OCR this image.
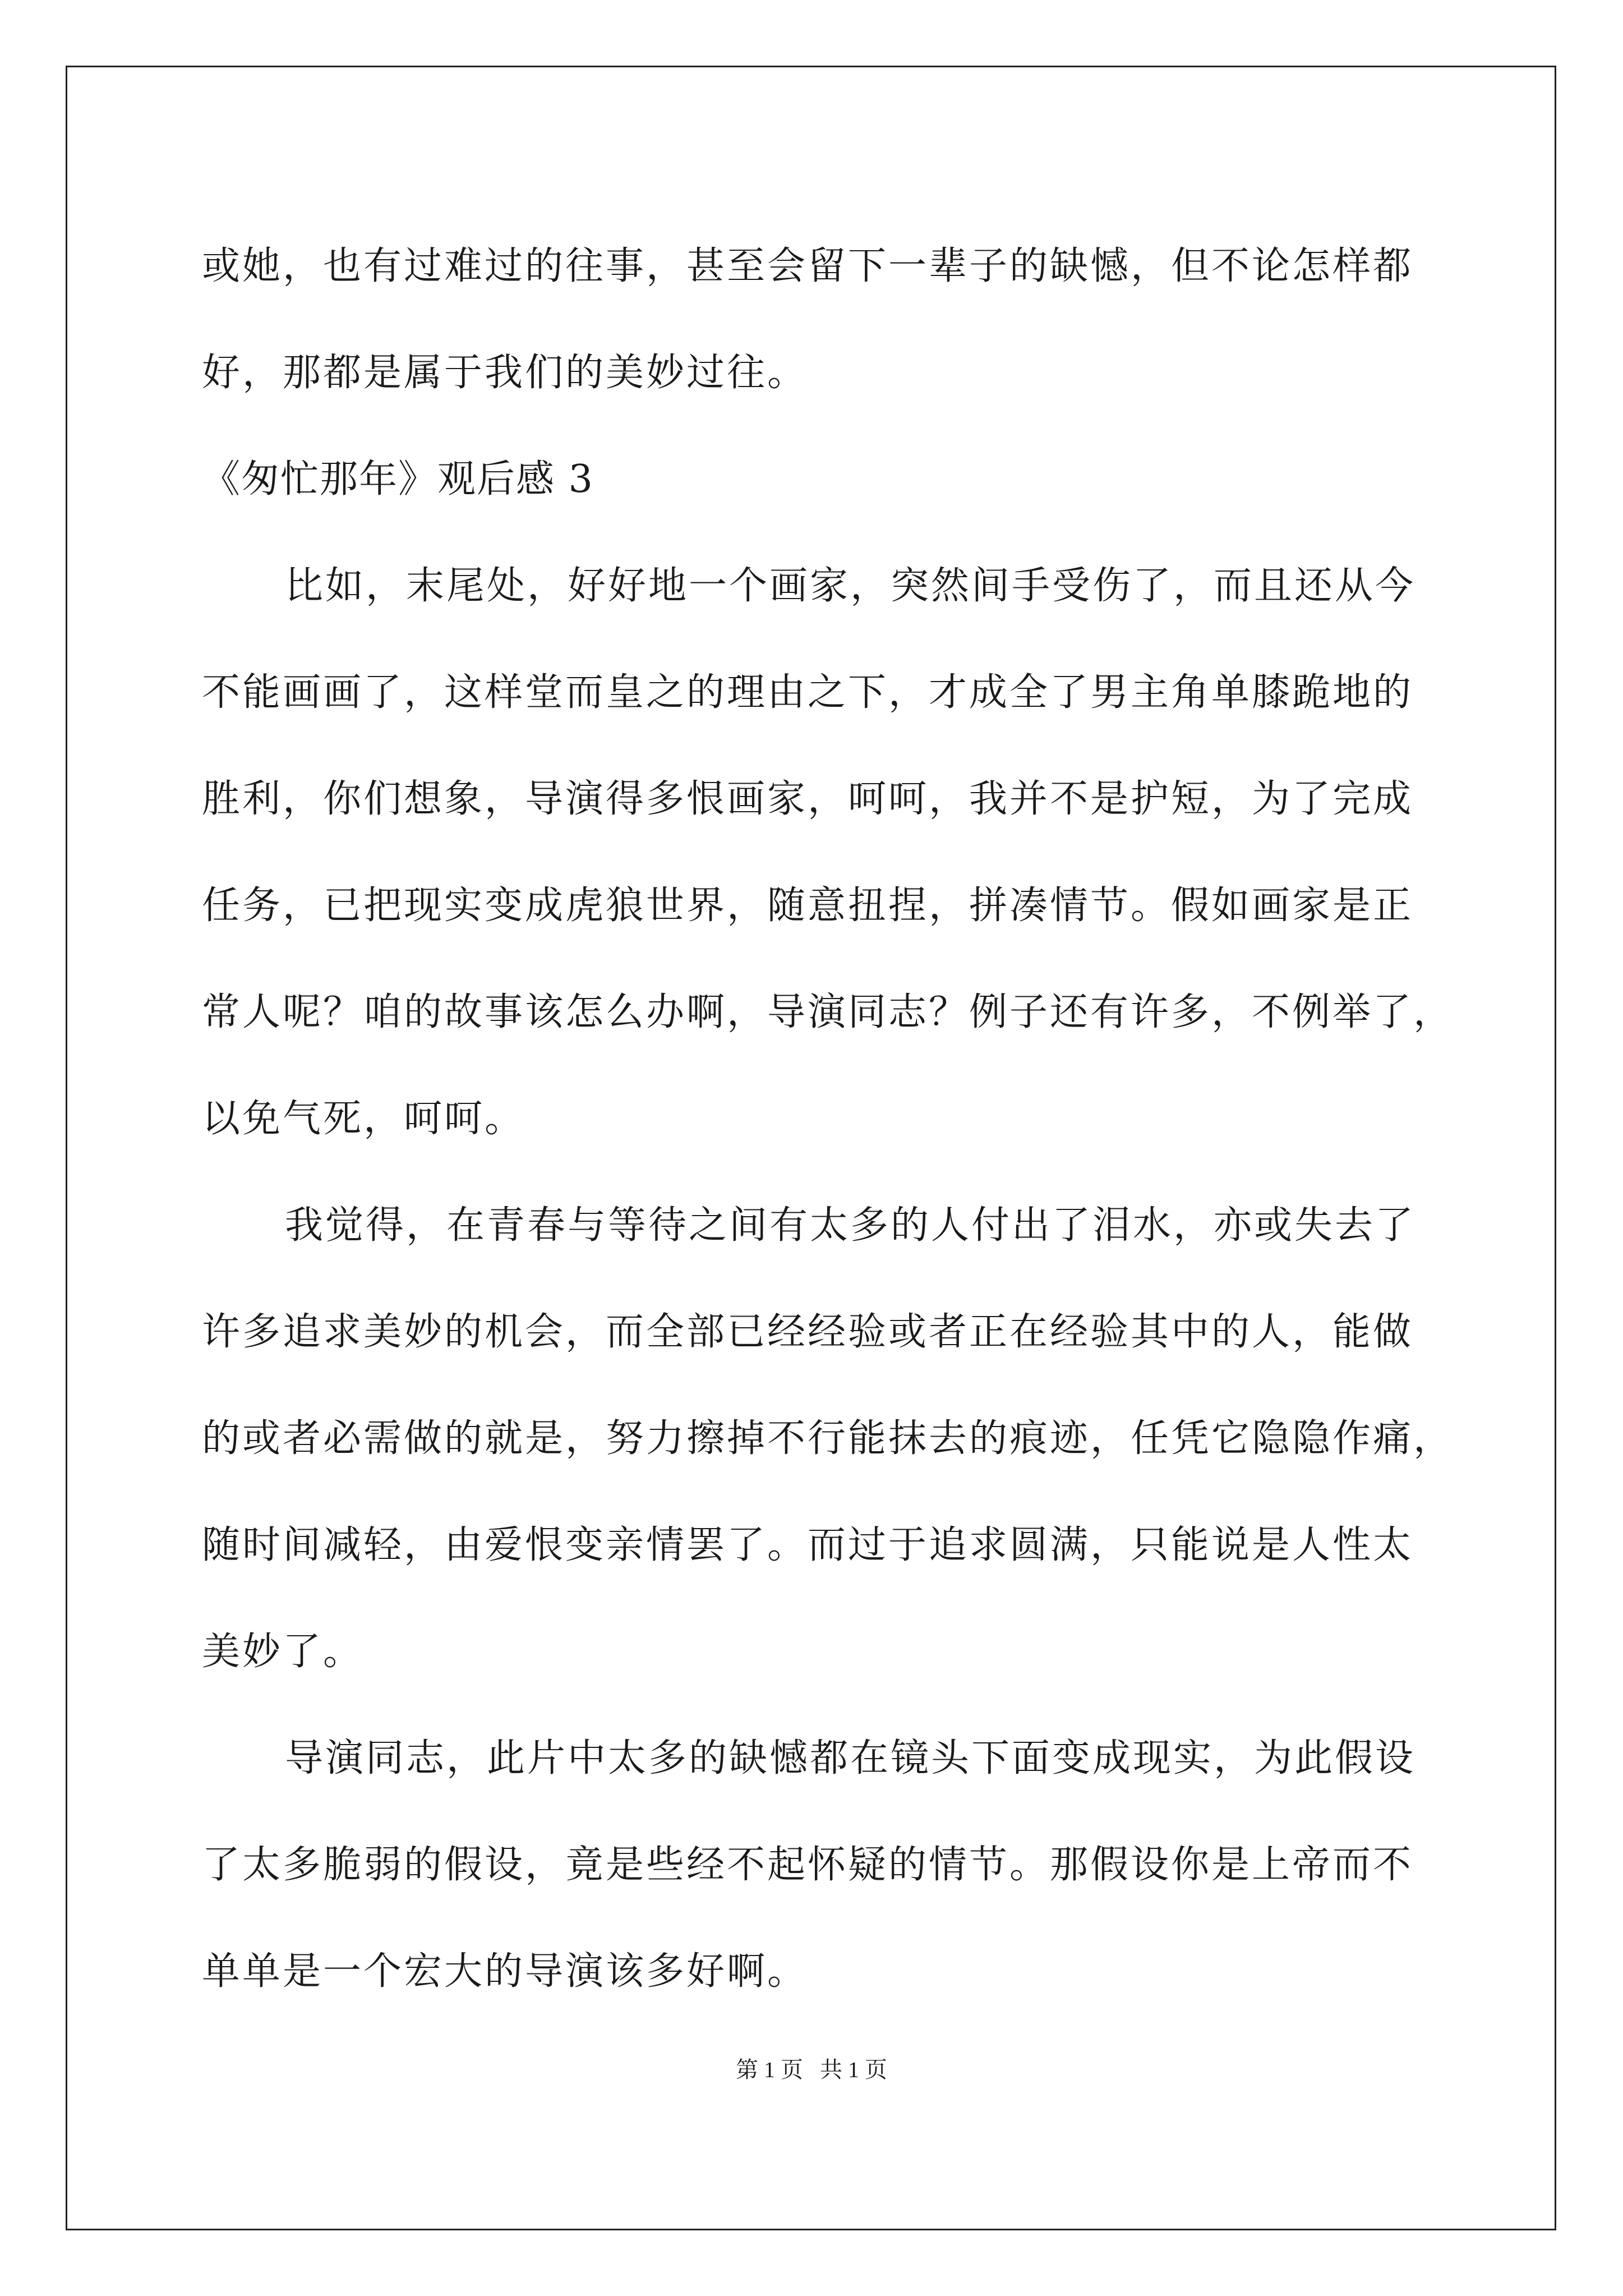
或她，也有过难过的往事，甚至会留下一辈子的缺憾，但不论怎样都
好，那都是属于我们的美妙过往。
《匆忙那年》观后感 3
比如，末尾处，好好地一个画家，突然间手受伤了，而且还从今
不能画画了，这样堂而皇之的理由之下，才成全了男主角单膝跪地的
胜利，你们想象，导演得多恨画家，呵呵，我并不是护短，为了完成
任务，已把现实变成虎狼世界，随意扭捏，拼凑情节。假如画家是正
常人呢？咱的故事该怎么办啊，导演同志？例子还有许多，不例举了，
以免气死，呵呵。
我觉得，在青春与等待之间有太多的人付出了泪水，亦或失去了
许多追求美妙的机会，而全部已经经验或者正在经验其中的人，能做
的或者必需做的就是，努力擦掉不行能抹去的痕迹，任凭它隐隐作痛，
随时间减轻，由爱恨变亲情罢了。而过于追求圆满，只能说是人性太
美妙了。
导演同志，此片中太多的缺憾都在镜头下面变成现实，为此假设
了太多脆弱的假设，竟是些经不起怀疑的情节。那假设你是上帝而不
单单是一个宏大的导演该多好啊。
第 1 页   共 1 页
